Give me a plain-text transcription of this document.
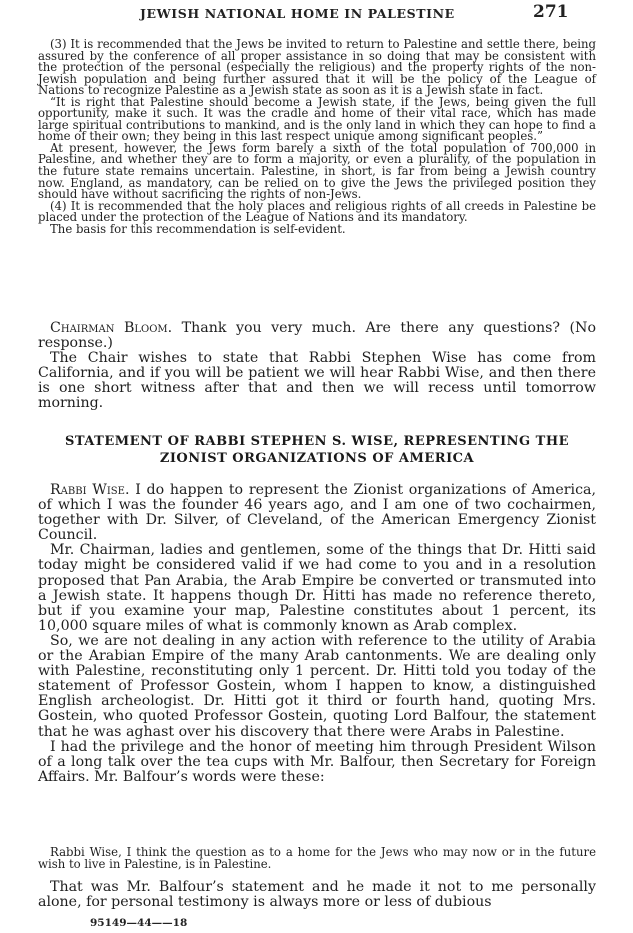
JEWISH NATIONAL HOME IN PALESTINE	271

(3) It is recommended that the Jews be invited to return to Palestine and settle there, being assured by the conference of all proper assistance in so doing that may be consistent with the protection of the personal (especially the religious) and the property rights of the non-Jewish population and being further assured that it will be the policy of the League of Nations to recognize Palestine as a Jewish state as soon as it is a Jewish state in fact.

“It is right that Palestine should become a Jewish state, if the Jews, being given the full opportunity, make it such. It was the cradle and home of their vital race, which has made large spiritual contributions to mankind, and is the only land in which they can hope to find a home of their own; they being in this last respect unique among significant peoples.”

At present, however, the Jews form barely a sixth of the total population of 700,000 in Palestine, and whether they are to form a majority, or even a plurality, of the population in the future state remains uncertain. Palestine, in short, is far from being a Jewish country now. England, as mandatory, can be relied on to give the Jews the privileged position they should have without sacrificing the rights of non-Jews.

(4) It is recommended that the holy places and religious rights of all creeds in Palestine be placed under the protection of the League of Nations and its mandatory.

The basis for this recommendation is self-evident.

Chairman Bloom. Thank you very much. Are there any questions? (No response.)

The Chair wishes to state that Rabbi Stephen Wise has come from California, and if you will be patient we will hear Rabbi Wise, and then there is one short witness after that and then we will recess until tomorrow morning.

STATEMENT OF RABBI STEPHEN S. WISE, REPRESENTING THE
ZIONIST ORGANIZATIONS OF AMERICA

Rabbi Wise. I do happen to represent the Zionist organizations of America, of which I was the founder 46 years ago, and I am one of two cochairmen, together with Dr. Silver, of Cleveland, of the American Emergency Zionist Council.

Mr. Chairman, ladies and gentlemen, some of the things that Dr. Hitti said today might be considered valid if we had come to you and in a resolution proposed that Pan Arabia, the Arab Empire be converted or transmuted into a Jewish state. It happens though Dr. Hitti has made no reference thereto, but if you examine your map, Palestine constitutes about 1 percent, its 10,000 square miles of what is commonly known as Arab complex.

So, we are not dealing in any action with reference to the utility of Arabia or the Arabian Empire of the many Arab cantonments. We are dealing only with Palestine, reconstituting only 1 percent. Dr. Hitti told you today of the statement of Professor Gostein, whom I happen to know, a distinguished English archeologist. Dr. Hitti got it third or fourth hand, quoting Mrs. Gostein, who quoted Professor Gostein, quoting Lord Balfour, the statement that he was aghast over his discovery that there were Arabs in Palestine.

I had the privilege and the honor of meeting him through President Wilson of a long talk over the tea cups with Mr. Balfour, then Secretary for Foreign Affairs. Mr. Balfour’s words were these:

Rabbi Wise, I think the question as to a home for the Jews who may now or in the future wish to live in Palestine, is in Palestine.

That was Mr. Balfour’s statement and he made it not to me personally alone, for personal testimony is always more or less of dubious

95149—44——18
